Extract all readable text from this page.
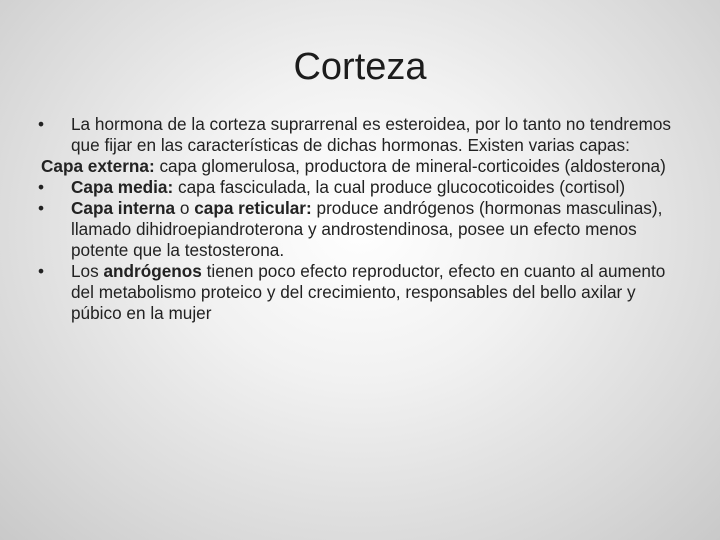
Corteza
•	La hormona de la corteza suprarrenal es esteroidea, por lo tanto no tendremos que fijar en las características de dichas hormonas. Existen varias capas:
Capa externa: capa glomerulosa, productora de mineral-corticoides (aldosterona)
•	Capa media: capa fasciculada, la cual produce glucocoticoides (cortisol)
•	Capa interna o capa reticular: produce andrógenos (hormonas masculinas), llamado dihidroepiandroterona y androstendinosa, posee un efecto menos potente que la testosterona.
•	Los andrógenos tienen poco efecto reproductor, efecto en cuanto al aumento del metabolismo proteico y del crecimiento, responsables del bello axilar y púbico en la mujer
